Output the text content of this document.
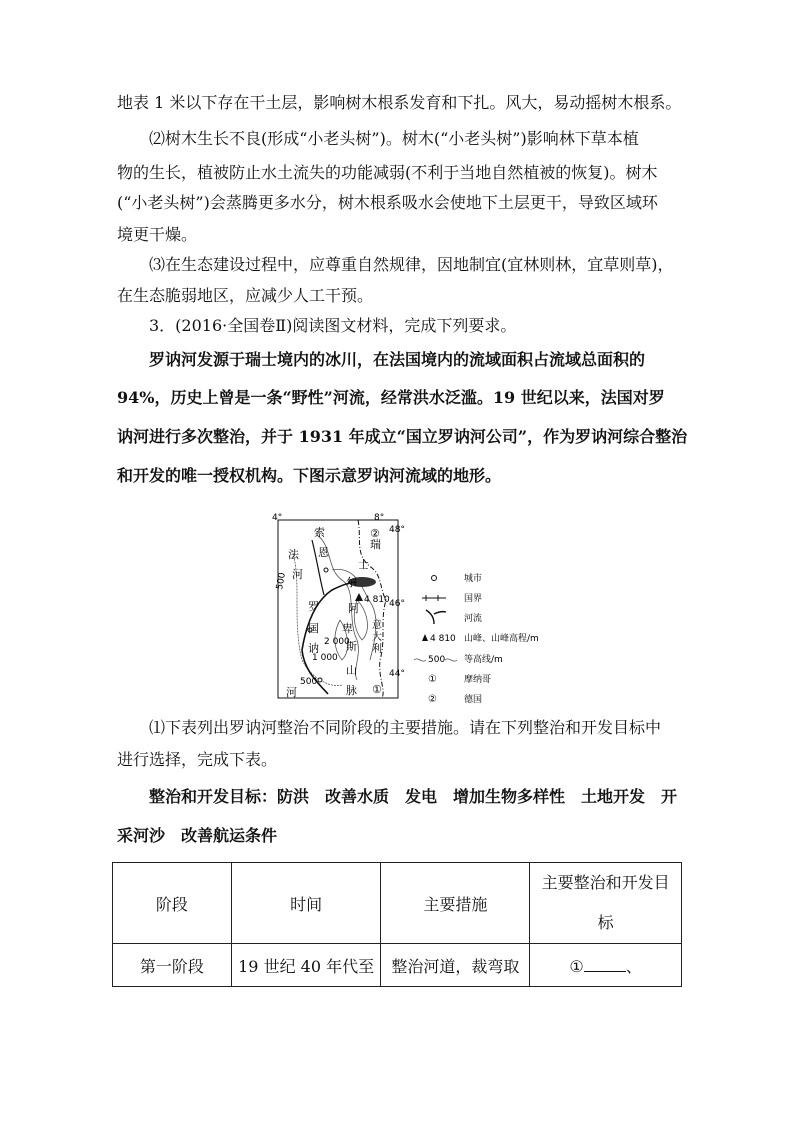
地表 1 米以下存在干土层，影响树木根系发育和下扎。风大，易动摇树木根系。
⑵树木生长不良(形成“小老头树”)。树木(“小老头树”)影响林下草本植
物的生长，植被防止水土流失的功能减弱(不利于当地自然植被的恢复)。树木
(“小老头树”)会蒸腾更多水分，树木根系吸水会使地下土层更干，导致区域环
境更干燥。
⑶在生态建设过程中，应尊重自然规律，因地制宜(宜林则林，宜草则草)，
在生态脆弱地区，应减少人工干预。
3．(2016·全国卷Ⅱ)阅读图文材料，完成下列要求。
罗讷河发源于瑞士境内的冰川，在法国境内的流域面积占流域总面积的
94%，历史上曾是一条“野性”河流，经常洪水泛滥。19 世纪以来，法国对罗
讷河进行多次整治，并于 1931 年成立“国立罗讷河公司”，作为罗讷河综合整治
和开发的唯一授权机构。下图示意罗讷河流域的地形。
4°	8°
48°
46°
44°
4 810
法
河
罗
国
讷
河
索
恩
瑞
士
阿
尔
卑
斯
山
脉
意
大
利
500
1 000
2 000
500
②
①
城市
国界
河流
4 810 山峰、山峰高程/m
500 等高线/m
①	摩纳哥
②	德国
⑴下表列出罗讷河整治不同阶段的主要措施。请在下列整治和开发目标中
进行选择，完成下表。
整治和开发目标：防洪　改善水质　发电　增加生物多样性　土地开发　开
采河沙　改善航运条件
阶段	时间	主要措施	主要整治和开发目标
第一阶段	19 世纪 40 年代至	整治河道，裁弯取	① 、
